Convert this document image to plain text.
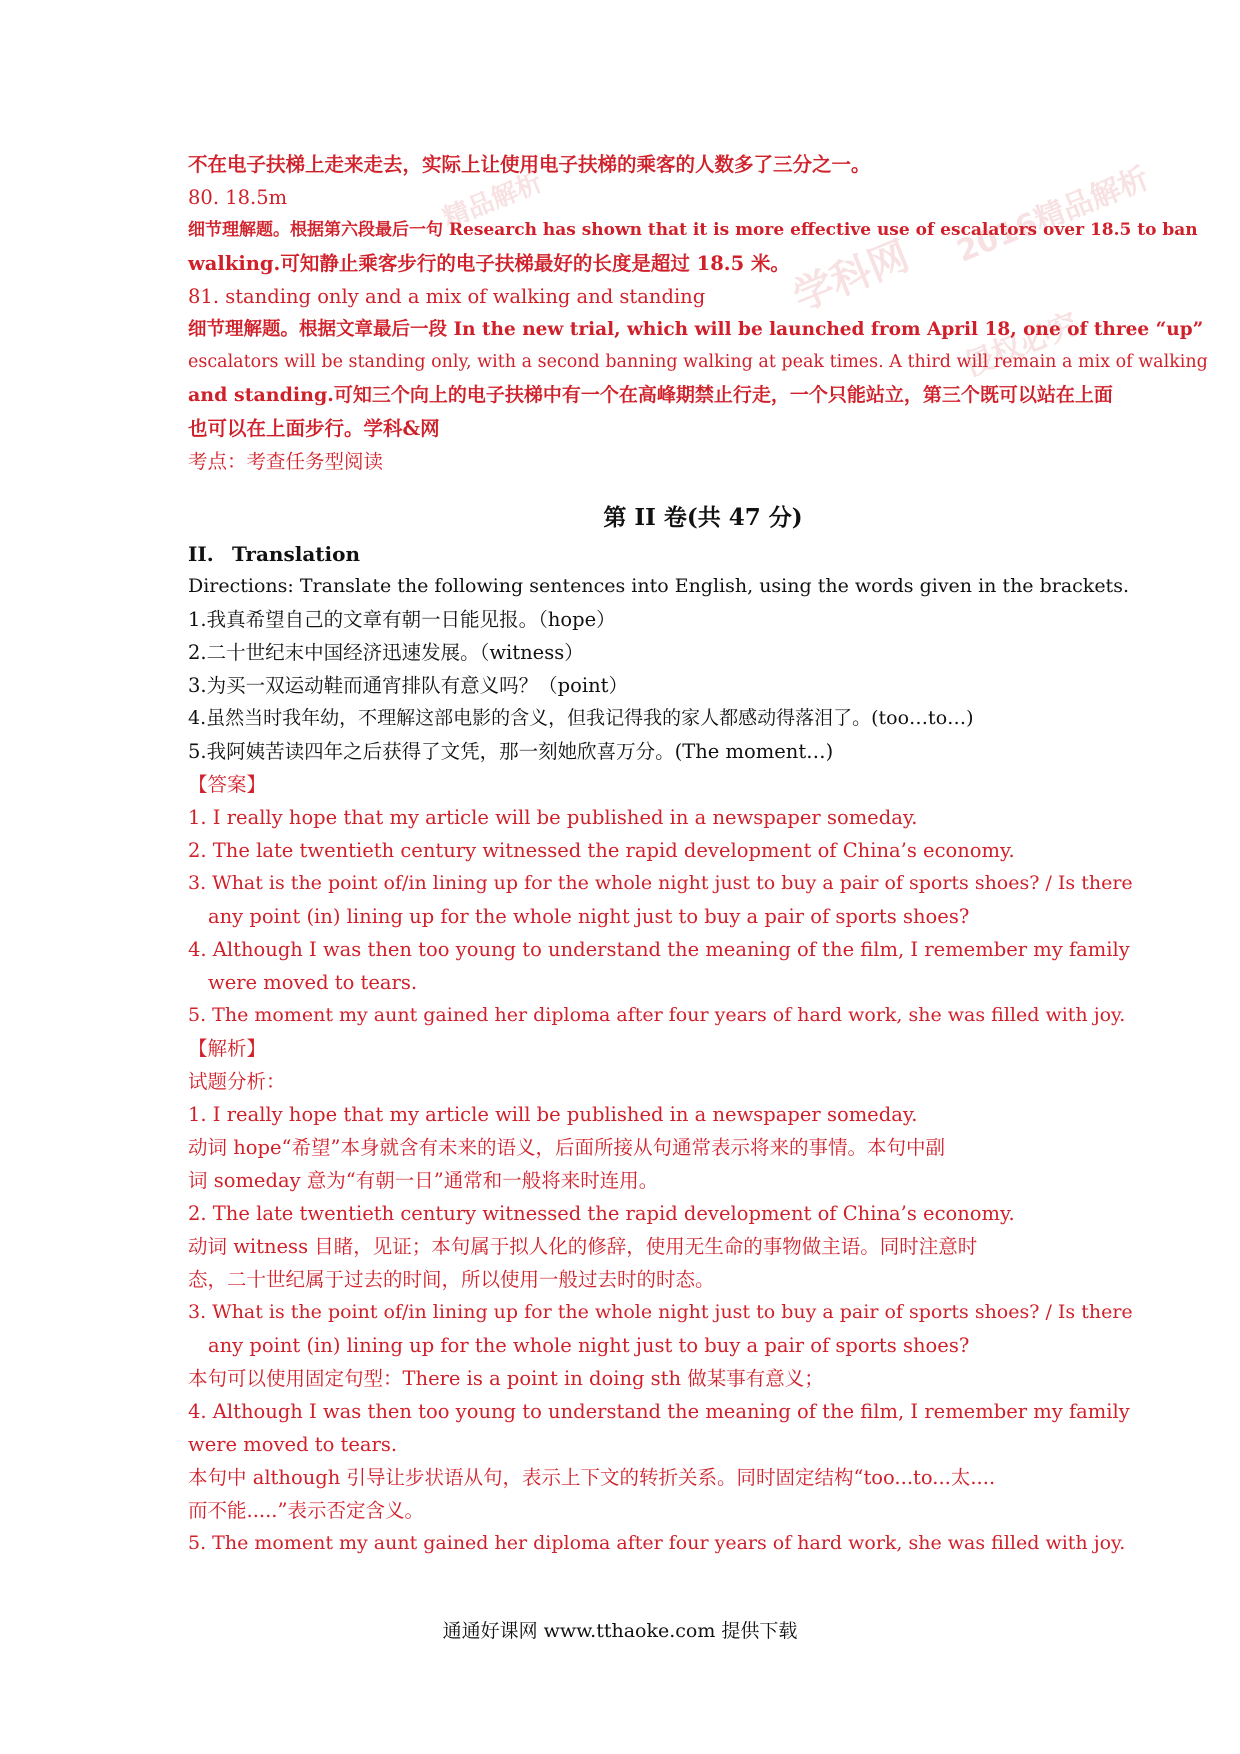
学科网
2016精品解析
侵权必究
精品解析
不在电子扶梯上走来走去，实际上让使用电子扶梯的乘客的人数多了三分之一。
80. 18.5m
细节理解题。根据第六段最后一句 Research has shown that it is more effective use of escalators over 18.5 to ban
walking.可知静止乘客步行的电子扶梯最好的长度是超过 18.5 米。
81. standing only and a mix of walking and standing
细节理解题。根据文章最后一段 In the new trial, which will be launched from April 18, one of three “up”
escalators will be standing only, with a second banning walking at peak times. A third will remain a mix of walking
and standing.可知三个向上的电子扶梯中有一个在高峰期禁止行走，一个只能站立，第三个既可以站在上面
也可以在上面步行。学科&网
考点：考查任务型阅读
第 II 卷(共 47 分)
II. Translation
Directions: Translate the following sentences into English, using the words given in the brackets.
1.我真希望自己的文章有朝一日能见报。（hope）
2.二十世纪末中国经济迅速发展。（witness）
3.为买一双运动鞋而通宵排队有意义吗？（point）
4.虽然当时我年幼，不理解这部电影的含义，但我记得我的家人都感动得落泪了。(too…to…)
5.我阿姨苦读四年之后获得了文凭，那一刻她欣喜万分。(The moment…)
【答案】
1. I really hope that my article will be published in a newspaper someday.
2. The late twentieth century witnessed the rapid development of China’s economy.
3. What is the point of/in lining up for the whole night just to buy a pair of sports shoes? / Is there
any point (in) lining up for the whole night just to buy a pair of sports shoes?
4. Although I was then too young to understand the meaning of the film, I remember my family
were moved to tears.
5. The moment my aunt gained her diploma after four years of hard work, she was filled with joy.
【解析】
试题分析：
1. I really hope that my article will be published in a newspaper someday.
动词 hope“希望”本身就含有未来的语义，后面所接从句通常表示将来的事情。本句中副
词 someday 意为“有朝一日”通常和一般将来时连用。
2. The late twentieth century witnessed the rapid development of China’s economy.
动词 witness 目睹，见证；本句属于拟人化的修辞，使用无生命的事物做主语。同时注意时
态，二十世纪属于过去的时间，所以使用一般过去时的时态。
3. What is the point of/in lining up for the whole night just to buy a pair of sports shoes? / Is there
any point (in) lining up for the whole night just to buy a pair of sports shoes?
本句可以使用固定句型：There is a point in doing sth 做某事有意义；
4. Although I was then too young to understand the meaning of the film, I remember my family
were moved to tears.
本句中 although 引导让步状语从句，表示上下文的转折关系。同时固定结构“too...to...太....
而不能.....”表示否定含义。
5. The moment my aunt gained her diploma after four years of hard work, she was filled with joy.
通通好课网 www.tthaoke.com 提供下载
